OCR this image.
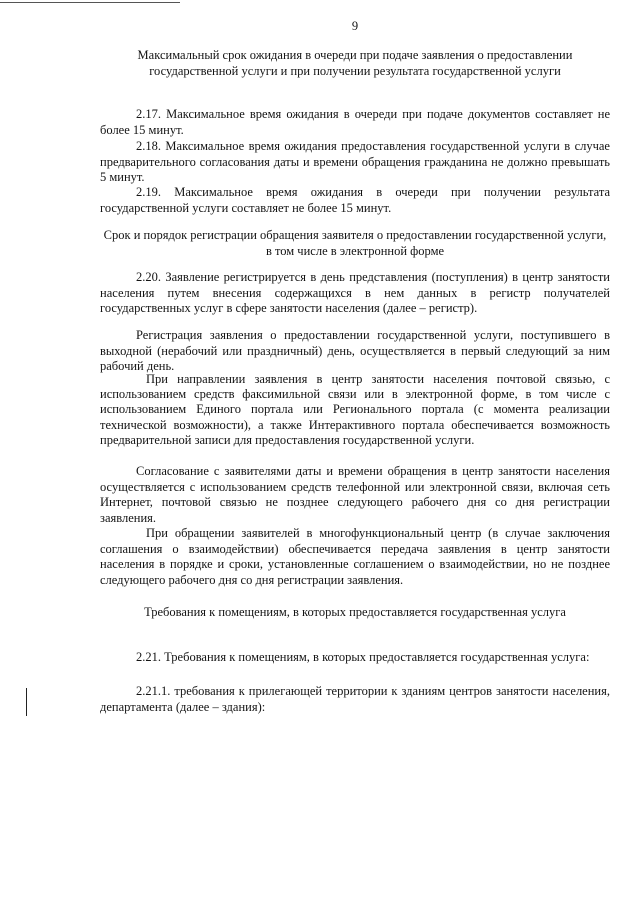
9
Максимальный срок ожидания в очереди при подаче заявления о предоставлении государственной услуги и при получении результата государственной услуги
2.17. Максимальное время ожидания в очереди при подаче документов составляет не более 15 минут.
2.18. Максимальное время ожидания предоставления государственной услуги в случае предварительного согласования даты и времени обращения гражданина не должно превышать 5 минут.
2.19. Максимальное время ожидания в очереди при получении результата государственной услуги составляет не более 15 минут.
Срок и порядок регистрации обращения заявителя о предоставлении государственной услуги, в том числе в электронной форме
2.20. Заявление регистрируется в день представления (поступления) в центр занятости населения путем внесения содержащихся в нем данных в регистр получателей государственных услуг в сфере занятости населения (далее – регистр).
Регистрация заявления о предоставлении государственной услуги, поступившего в выходной (нерабочий или праздничный) день, осуществляется в первый следующий за ним рабочий день.
При направлении заявления в центр занятости населения почтовой связью, с использованием средств факсимильной связи или в электронной форме, в том числе с использованием Единого портала или Регионального портала (с момента реализации технической возможности), а также Интерактивного портала обеспечивается возможность предварительной записи для предоставления государственной услуги.
Согласование с заявителями даты и времени обращения в центр занятости населения осуществляется с использованием средств телефонной или электронной связи, включая сеть Интернет, почтовой связью не позднее следующего рабочего дня со дня регистрации заявления.
При обращении заявителей в многофункциональный центр (в случае заключения соглашения о взаимодействии) обеспечивается передача заявления в центр занятости населения в порядке и сроки, установленные соглашением о взаимодействии, но не позднее следующего рабочего дня со дня регистрации заявления.
Требования к помещениям, в которых предоставляется государственная услуга
2.21. Требования к помещениям, в которых предоставляется государственная услуга:
2.21.1. требования к прилегающей территории к зданиям центров занятости населения, департамента (далее – здания):
